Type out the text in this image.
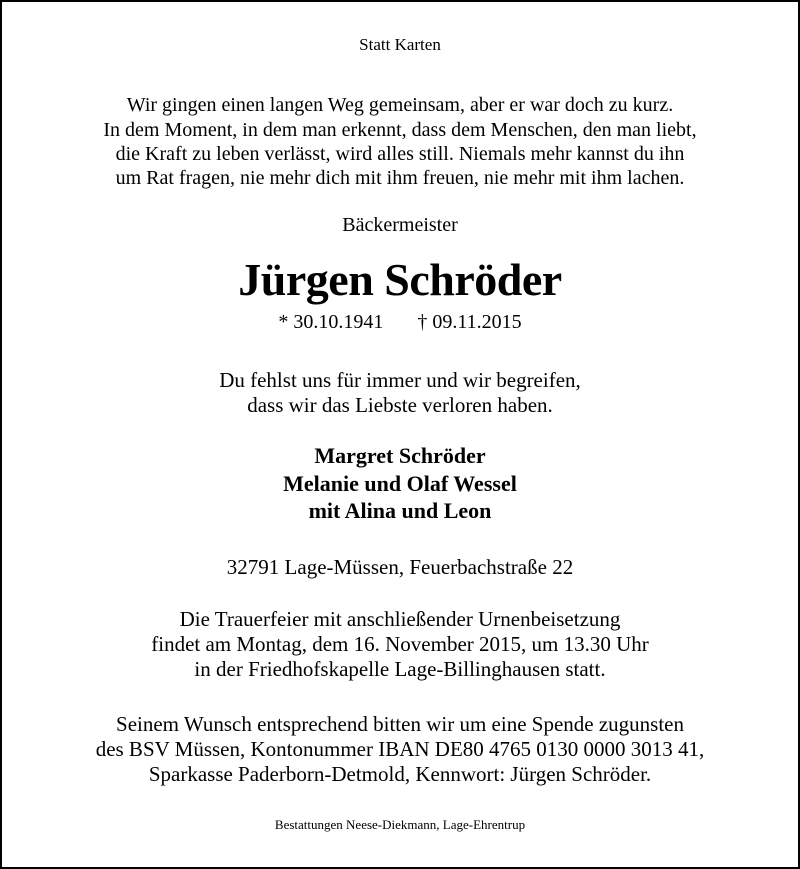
Statt Karten
Wir gingen einen langen Weg gemeinsam, aber er war doch zu kurz.
In dem Moment, in dem man erkennt, dass dem Menschen, den man liebt,
die Kraft zu leben verlässt, wird alles still. Niemals mehr kannst du ihn
um Rat fragen, nie mehr dich mit ihm freuen, nie mehr mit ihm lachen.
Bäckermeister
Jürgen Schröder
* 30.10.1941 † 09.11.2015
Du fehlst uns für immer und wir begreifen,
dass wir das Liebste verloren haben.
Margret Schröder
Melanie und Olaf Wessel
mit Alina und Leon
32791 Lage-Müssen, Feuerbachstraße 22
Die Trauerfeier mit anschließender Urnenbeisetzung
findet am Montag, dem 16. November 2015, um 13.30 Uhr
in der Friedhofskapelle Lage-Billinghausen statt.
Seinem Wunsch entsprechend bitten wir um eine Spende zugunsten
des BSV Müssen, Kontonummer IBAN DE80 4765 0130 0000 3013 41,
Sparkasse Paderborn-Detmold, Kennwort: Jürgen Schröder.
Bestattungen Neese-Diekmann, Lage-Ehrentrup
